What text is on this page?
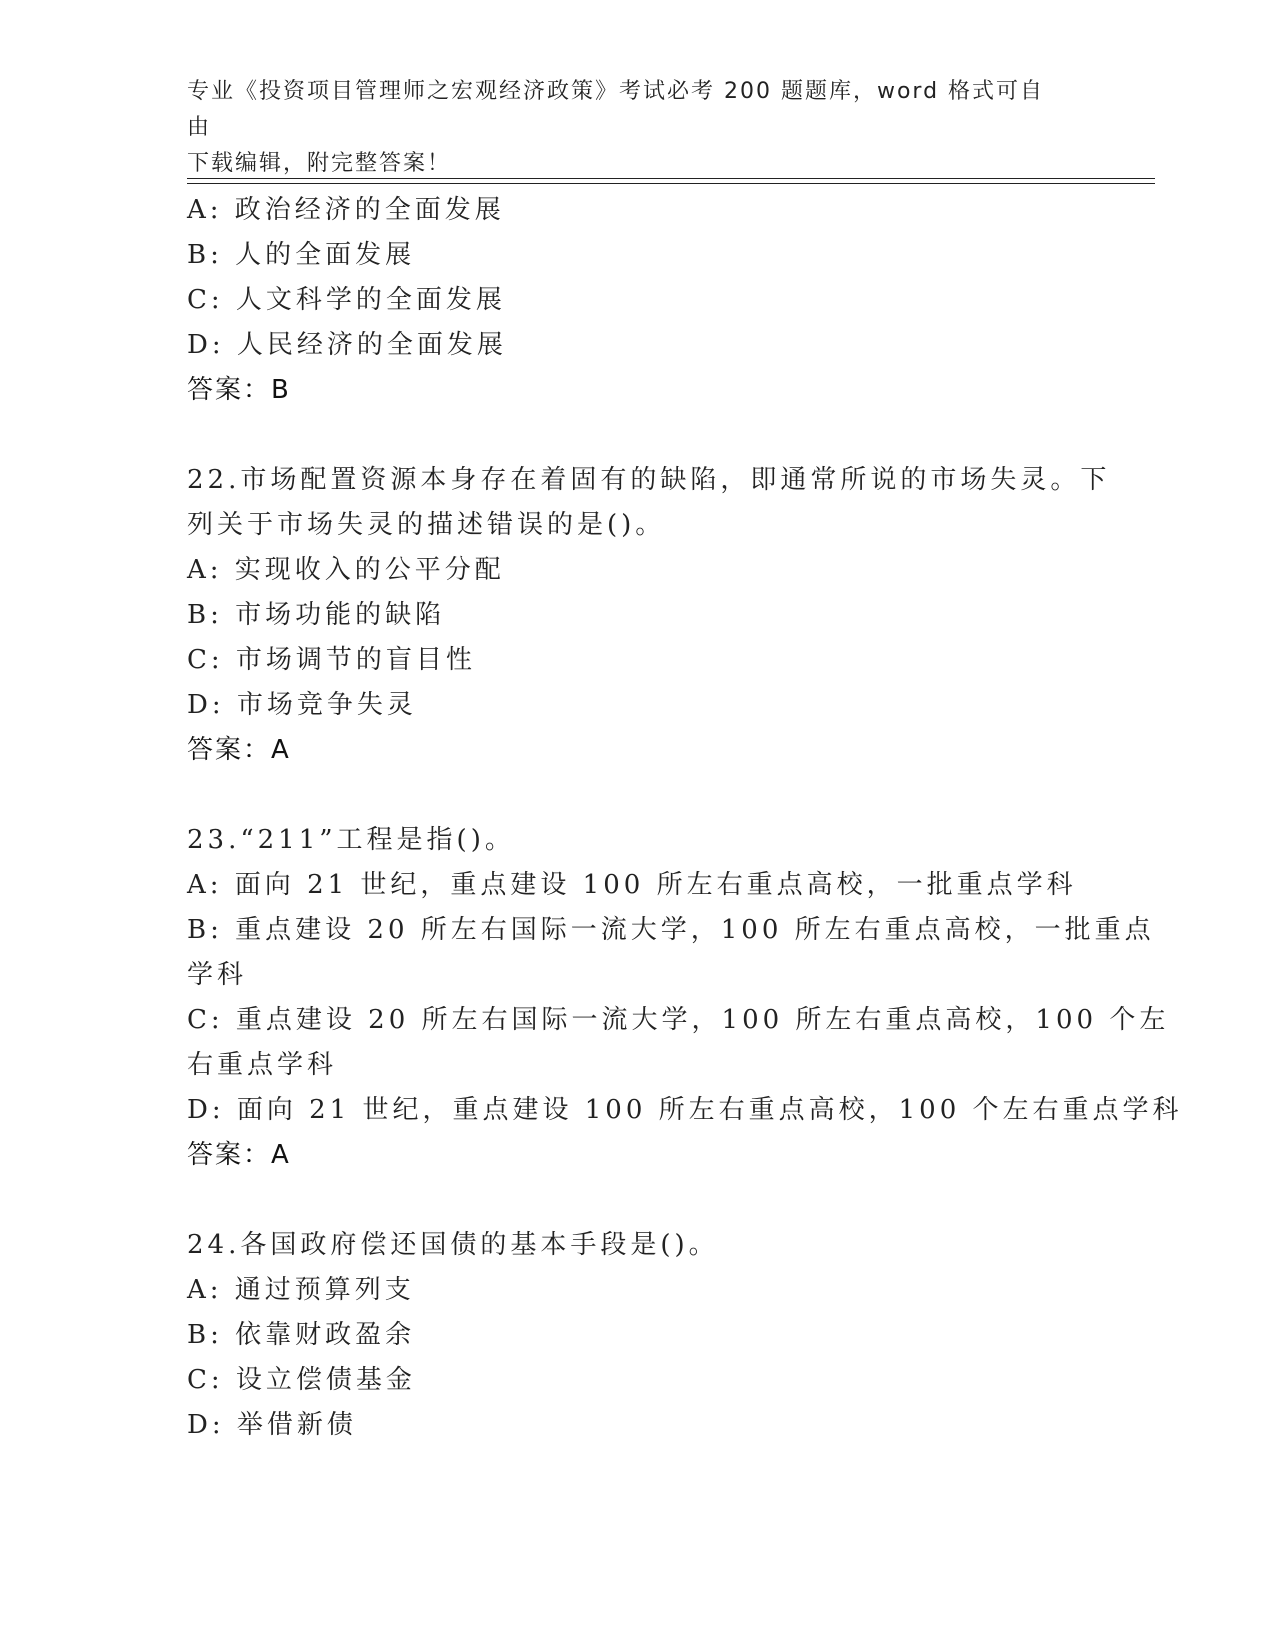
专业《投资项目管理师之宏观经济政策》考试必考 200 题题库，word 格式可自由
下载编辑，附完整答案！
A: 政治经济的全面发展
B: 人的全面发展
C: 人文科学的全面发展
D: 人民经济的全面发展
答案：B
22.市场配置资源本身存在着固有的缺陷，即通常所说的市场失灵。下
列关于市场失灵的描述错误的是()。
A: 实现收入的公平分配
B: 市场功能的缺陷
C: 市场调节的盲目性
D: 市场竞争失灵
答案：A
23.“211”工程是指()。
A: 面向 21 世纪，重点建设 100 所左右重点高校，一批重点学科
B: 重点建设 20 所左右国际一流大学，100 所左右重点高校，一批重点
学科
C: 重点建设 20 所左右国际一流大学，100 所左右重点高校，100 个左
右重点学科
D: 面向 21 世纪，重点建设 100 所左右重点高校，100 个左右重点学科
答案：A
24.各国政府偿还国债的基本手段是()。
A: 通过预算列支
B: 依靠财政盈余
C: 设立偿债基金
D: 举借新债
